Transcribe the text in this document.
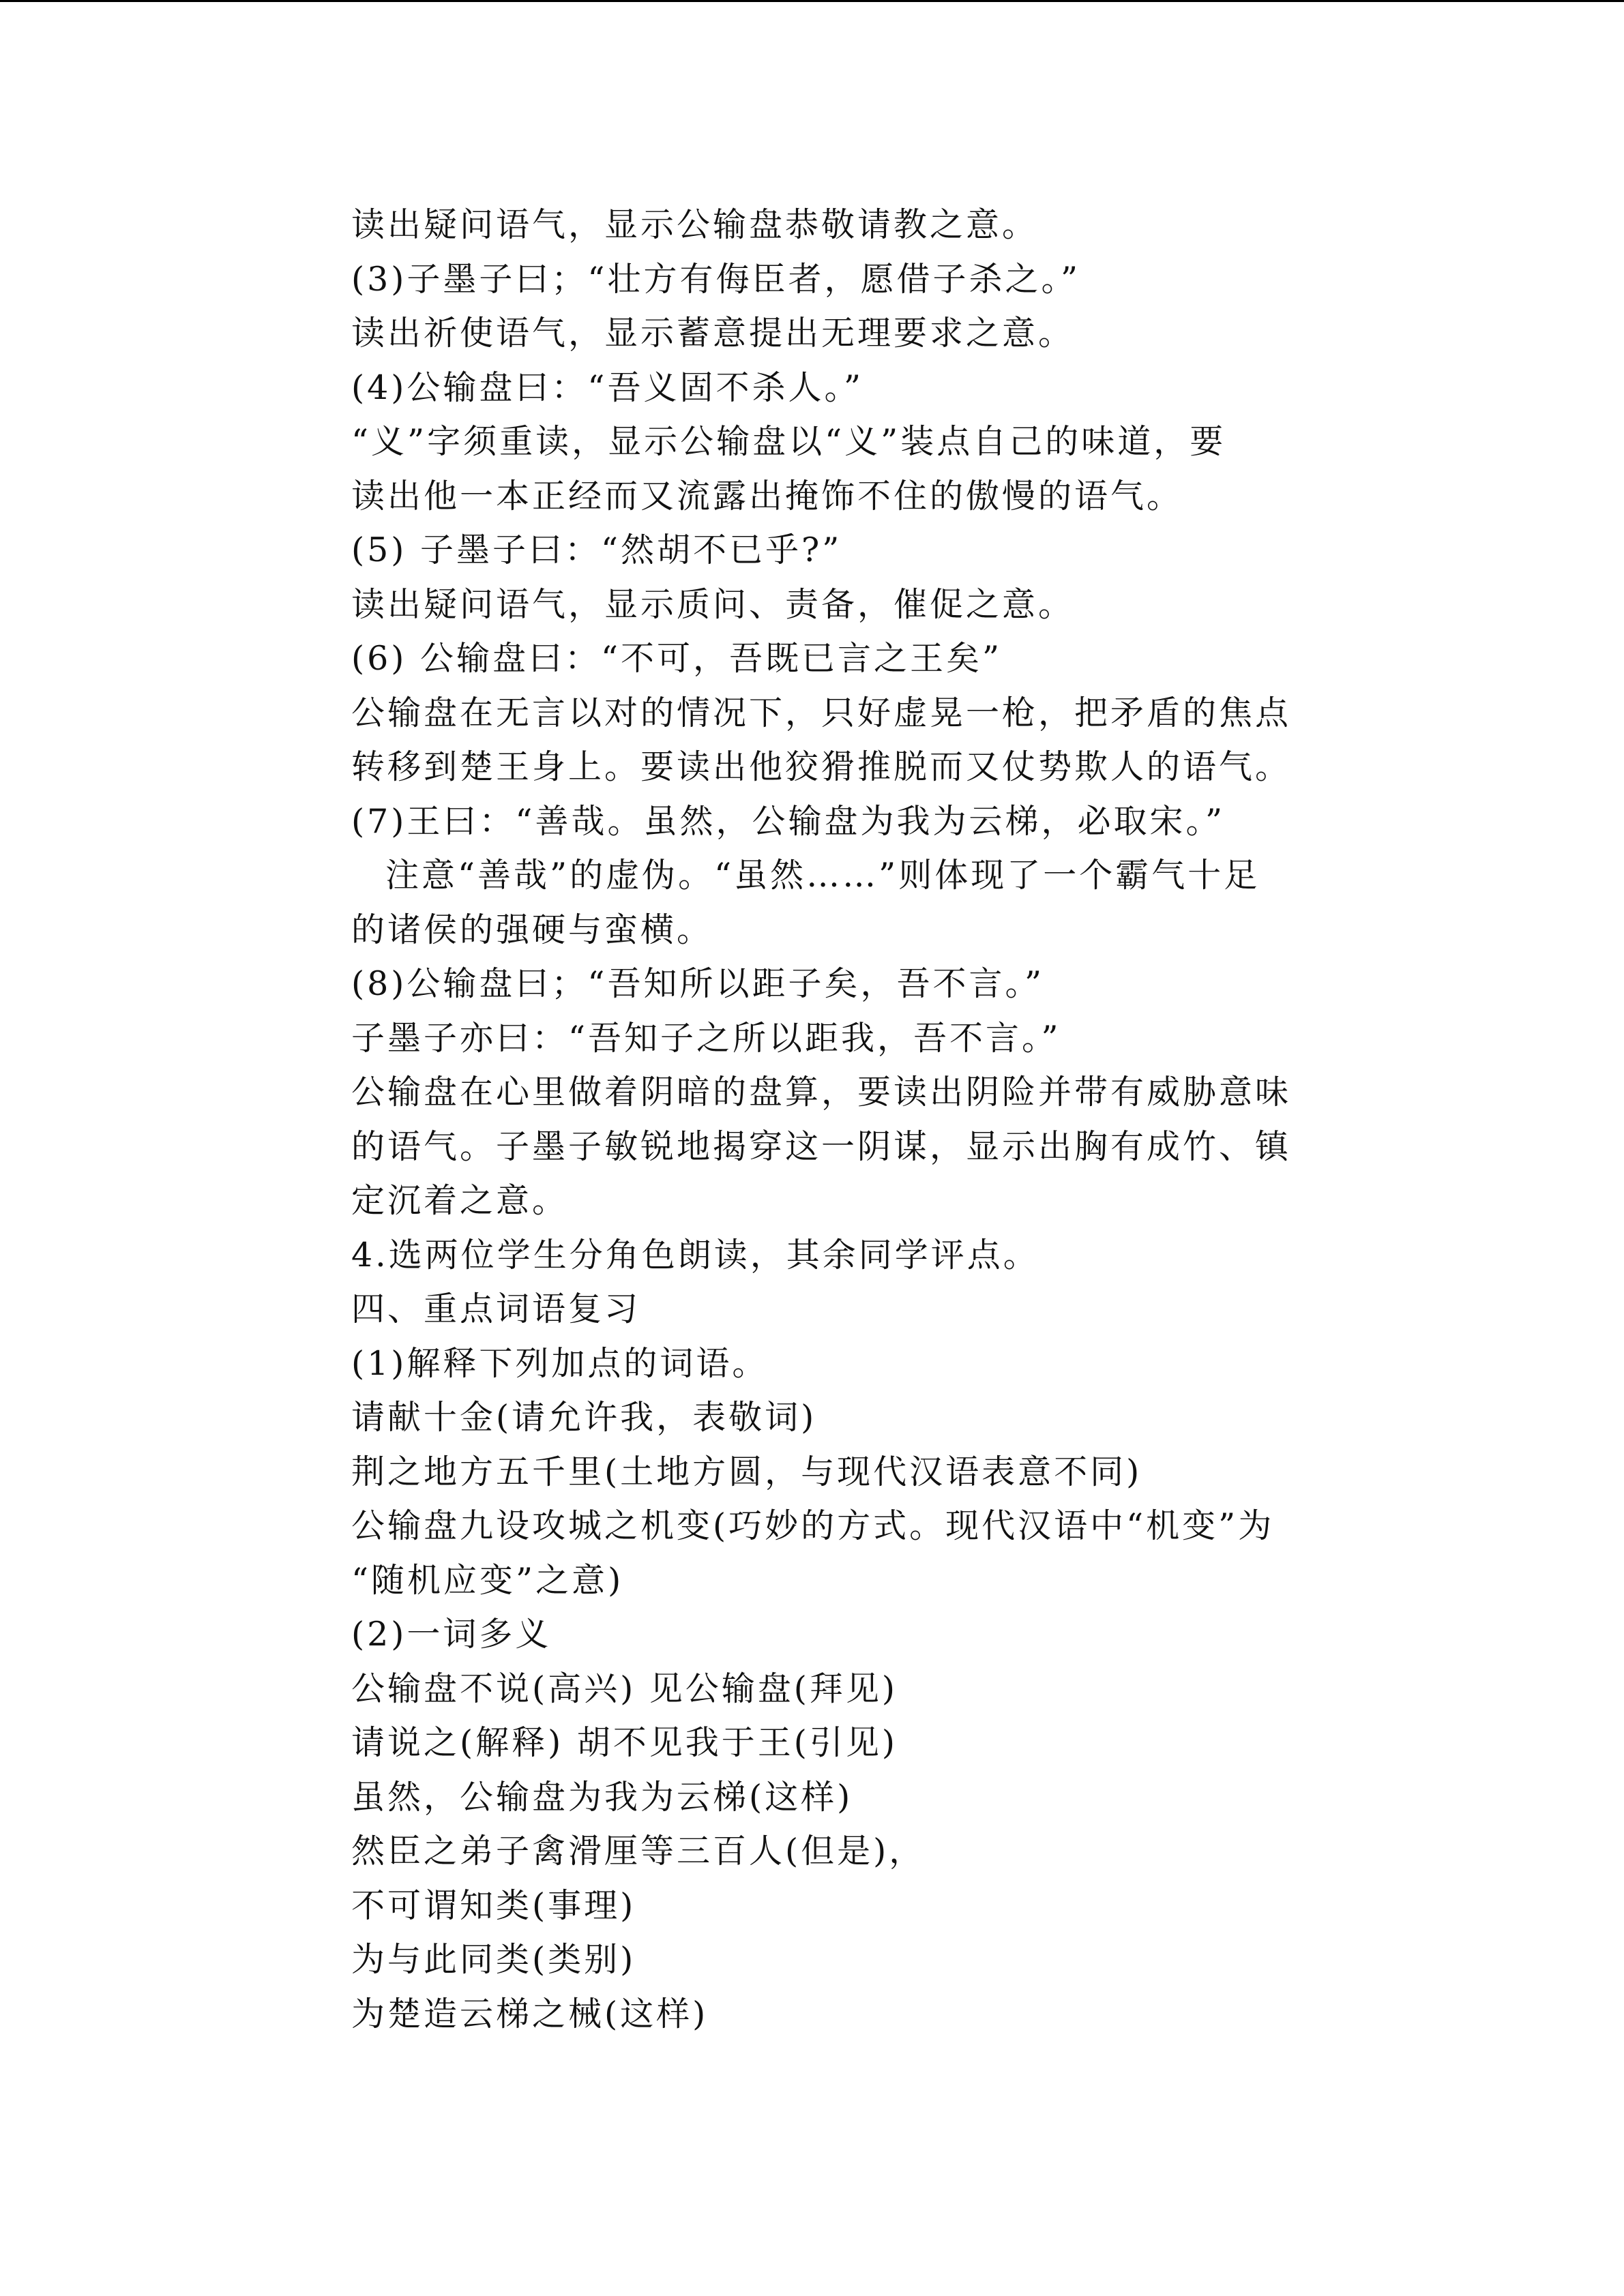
读出疑问语气，显示公输盘恭敬请教之意。
(3)子墨子曰；“壮方有侮臣者，愿借子杀之。”
读出祈使语气，显示蓄意提出无理要求之意。
(4)公输盘曰：“吾义固不杀人。”
“义”字须重读，显示公输盘以“义”装点自己的味道，要
读出他一本正经而又流露出掩饰不住的傲慢的语气。
(5) 子墨子曰：“然胡不已乎?”
读出疑问语气，显示质问、责备，催促之意。
(6) 公输盘曰：“不可，吾既已言之王矣”
公输盘在无言以对的情况下，只好虚晃一枪，把矛盾的焦点
转移到楚王身上。要读出他狡猾推脱而又仗势欺人的语气。
(7)王曰：“善哉。虽然，公输盘为我为云梯，必取宋。”
注意“善哉”的虚伪。“虽然……”则体现了一个霸气十足
的诸侯的强硬与蛮横。
(8)公输盘曰；“吾知所以距子矣，吾不言。”
子墨子亦曰：“吾知子之所以距我，吾不言。”
公输盘在心里做着阴暗的盘算，要读出阴险并带有威胁意味
的语气。子墨子敏锐地揭穿这一阴谋，显示出胸有成竹、镇
定沉着之意。
4.选两位学生分角色朗读，其余同学评点。
四、重点词语复习
(1)解释下列加点的词语。
请献十金(请允许我，表敬词)
荆之地方五千里(土地方圆，与现代汉语表意不同)
公输盘九设攻城之机变(巧妙的方式。现代汉语中“机变”为
“随机应变”之意)
(2)一词多义
公输盘不说(高兴) 见公输盘(拜见)
请说之(解释) 胡不见我于王(引见)
虽然，公输盘为我为云梯(这样)
然臣之弟子禽滑厘等三百人(但是)，
不可谓知类(事理)
为与此同类(类别)
为楚造云梯之械(这样)
